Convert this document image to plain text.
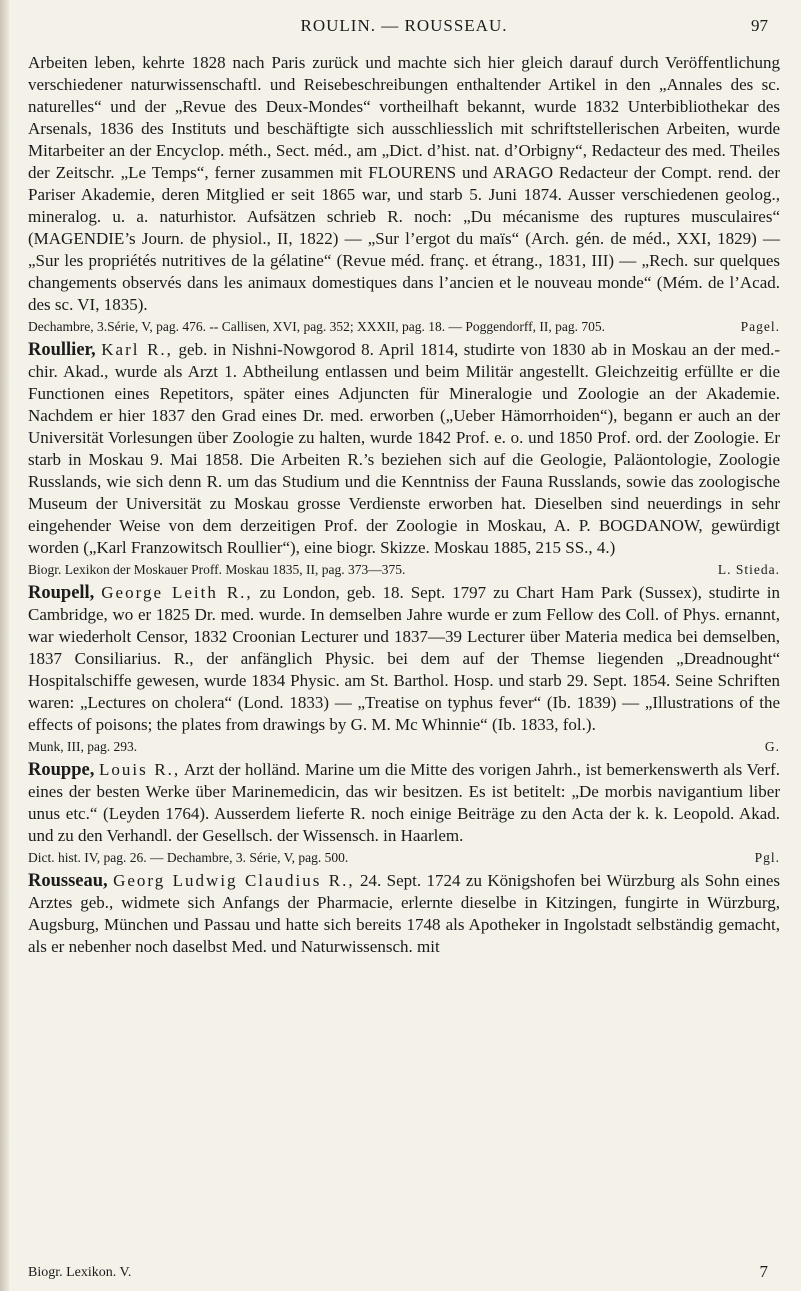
ROULIN. — ROUSSEAU.	97

Arbeiten leben, kehrte 1828 nach Paris zurück und machte sich hier gleich darauf durch Veröffentlichung verschiedener naturwissenschaftl. und Reisebeschreibungen enthaltender Artikel in den „Annales des sc. naturelles“ und der „Revue des Deux-Mondes“ vortheilhaft bekannt, wurde 1832 Unterbibliothekar des Arsenals, 1836 des Instituts und beschäftigte sich ausschliesslich mit schriftstellerischen Arbeiten, wurde Mitarbeiter an der Encyclop. méth., Sect. méd., am „Dict. d’hist. nat. d’Orbigny“, Redacteur des med. Theiles der Zeitschr. „Le Temps“, ferner zusammen mit FLOURENS und ARAGO Redacteur der Compt. rend. der Pariser Akademie, deren Mitglied er seit 1865 war, und starb 5. Juni 1874. Ausser verschiedenen geolog., mineralog. u. a. naturhistor. Aufsätzen schrieb R. noch: „Du mécanisme des ruptures musculaires“ (MAGENDIE’s Journ. de physiol., II, 1822) — „Sur l’ergot du maïs“ (Arch. gén. de méd., XXI, 1829) — „Sur les propriétés nutritives de la gélatine“ (Revue méd. franç. et étrang., 1831, III) — „Rech. sur quelques changements observés dans les animaux domestiques dans l’ancien et le nouveau monde“ (Mém. de l’Acad. des sc. VI, 1835).

Dechambre, 3.Série, V, pag. 476. -- Callisen, XVI, pag. 352; XXXII, pag. 18. — Poggendorff, II, pag. 705.	Pagel.

Roullier, Karl R., geb. in Nishni-Nowgorod 8. April 1814, studirte von 1830 ab in Moskau an der med.-chir. Akad., wurde als Arzt 1. Abtheilung entlassen und beim Militär angestellt. Gleichzeitig erfüllte er die Functionen eines Repetitors, später eines Adjuncten für Mineralogie und Zoologie an der Akademie. Nachdem er hier 1837 den Grad eines Dr. med. erworben („Ueber Hämorrhoiden“), begann er auch an der Universität Vorlesungen über Zoologie zu halten, wurde 1842 Prof. e. o. und 1850 Prof. ord. der Zoologie. Er starb in Moskau 9. Mai 1858. Die Arbeiten R.’s beziehen sich auf die Geologie, Paläontologie, Zoologie Russlands, wie sich denn R. um das Studium und die Kenntniss der Fauna Russlands, sowie das zoologische Museum der Universität zu Moskau grosse Verdienste erworben hat. Dieselben sind neuerdings in sehr eingehender Weise von dem derzeitigen Prof. der Zoologie in Moskau, A. P. BOGDANOW, gewürdigt worden („Karl Franzowitsch Roullier“), eine biogr. Skizze. Moskau 1885, 215 SS., 4.)

Biogr. Lexikon der Moskauer Proff. Moskau 1835, II, pag. 373—375.	L. Stieda.

Roupell, George Leith R., zu London, geb. 18. Sept. 1797 zu Chart Ham Park (Sussex), studirte in Cambridge, wo er 1825 Dr. med. wurde. In demselben Jahre wurde er zum Fellow des Coll. of Phys. ernannt, war wiederholt Censor, 1832 Croonian Lecturer und 1837—39 Lecturer über Materia medica bei demselben, 1837 Consiliarius. R., der anfänglich Physic. bei dem auf der Themse liegenden „Dreadnought“ Hospitalschiffe gewesen, wurde 1834 Physic. am St. Barthol. Hosp. und starb 29. Sept. 1854. Seine Schriften waren: „Lectures on cholera“ (Lond. 1833) — „Treatise on typhus fever“ (Ib. 1839) — „Illustrations of the effects of poisons; the plates from drawings by G. M. Mc Whinnie“ (Ib. 1833, fol.).

Munk, III, pag. 293.	G.

Rouppe, Louis R., Arzt der holländ. Marine um die Mitte des vorigen Jahrh., ist bemerkenswerth als Verf. eines der besten Werke über Marinemedicin, das wir besitzen. Es ist betitelt: „De morbis navigantium liber unus etc.“ (Leyden 1764). Ausserdem lieferte R. noch einige Beiträge zu den Acta der k. k. Leopold. Akad. und zu den Verhandl. der Gesellsch. der Wissensch. in Haarlem.

Dict. hist. IV, pag. 26. — Dechambre, 3. Série, V, pag. 500.	Pgl.

Rousseau, Georg Ludwig Claudius R., 24. Sept. 1724 zu Königshofen bei Würzburg als Sohn eines Arztes geb., widmete sich Anfangs der Pharmacie, erlernte dieselbe in Kitzingen, fungirte in Würzburg, Augsburg, München und Passau und hatte sich bereits 1748 als Apotheker in Ingolstadt selbständig gemacht, als er nebenher noch daselbst Med. und Naturwissensch. mit

Biogr. Lexikon. V.	7
